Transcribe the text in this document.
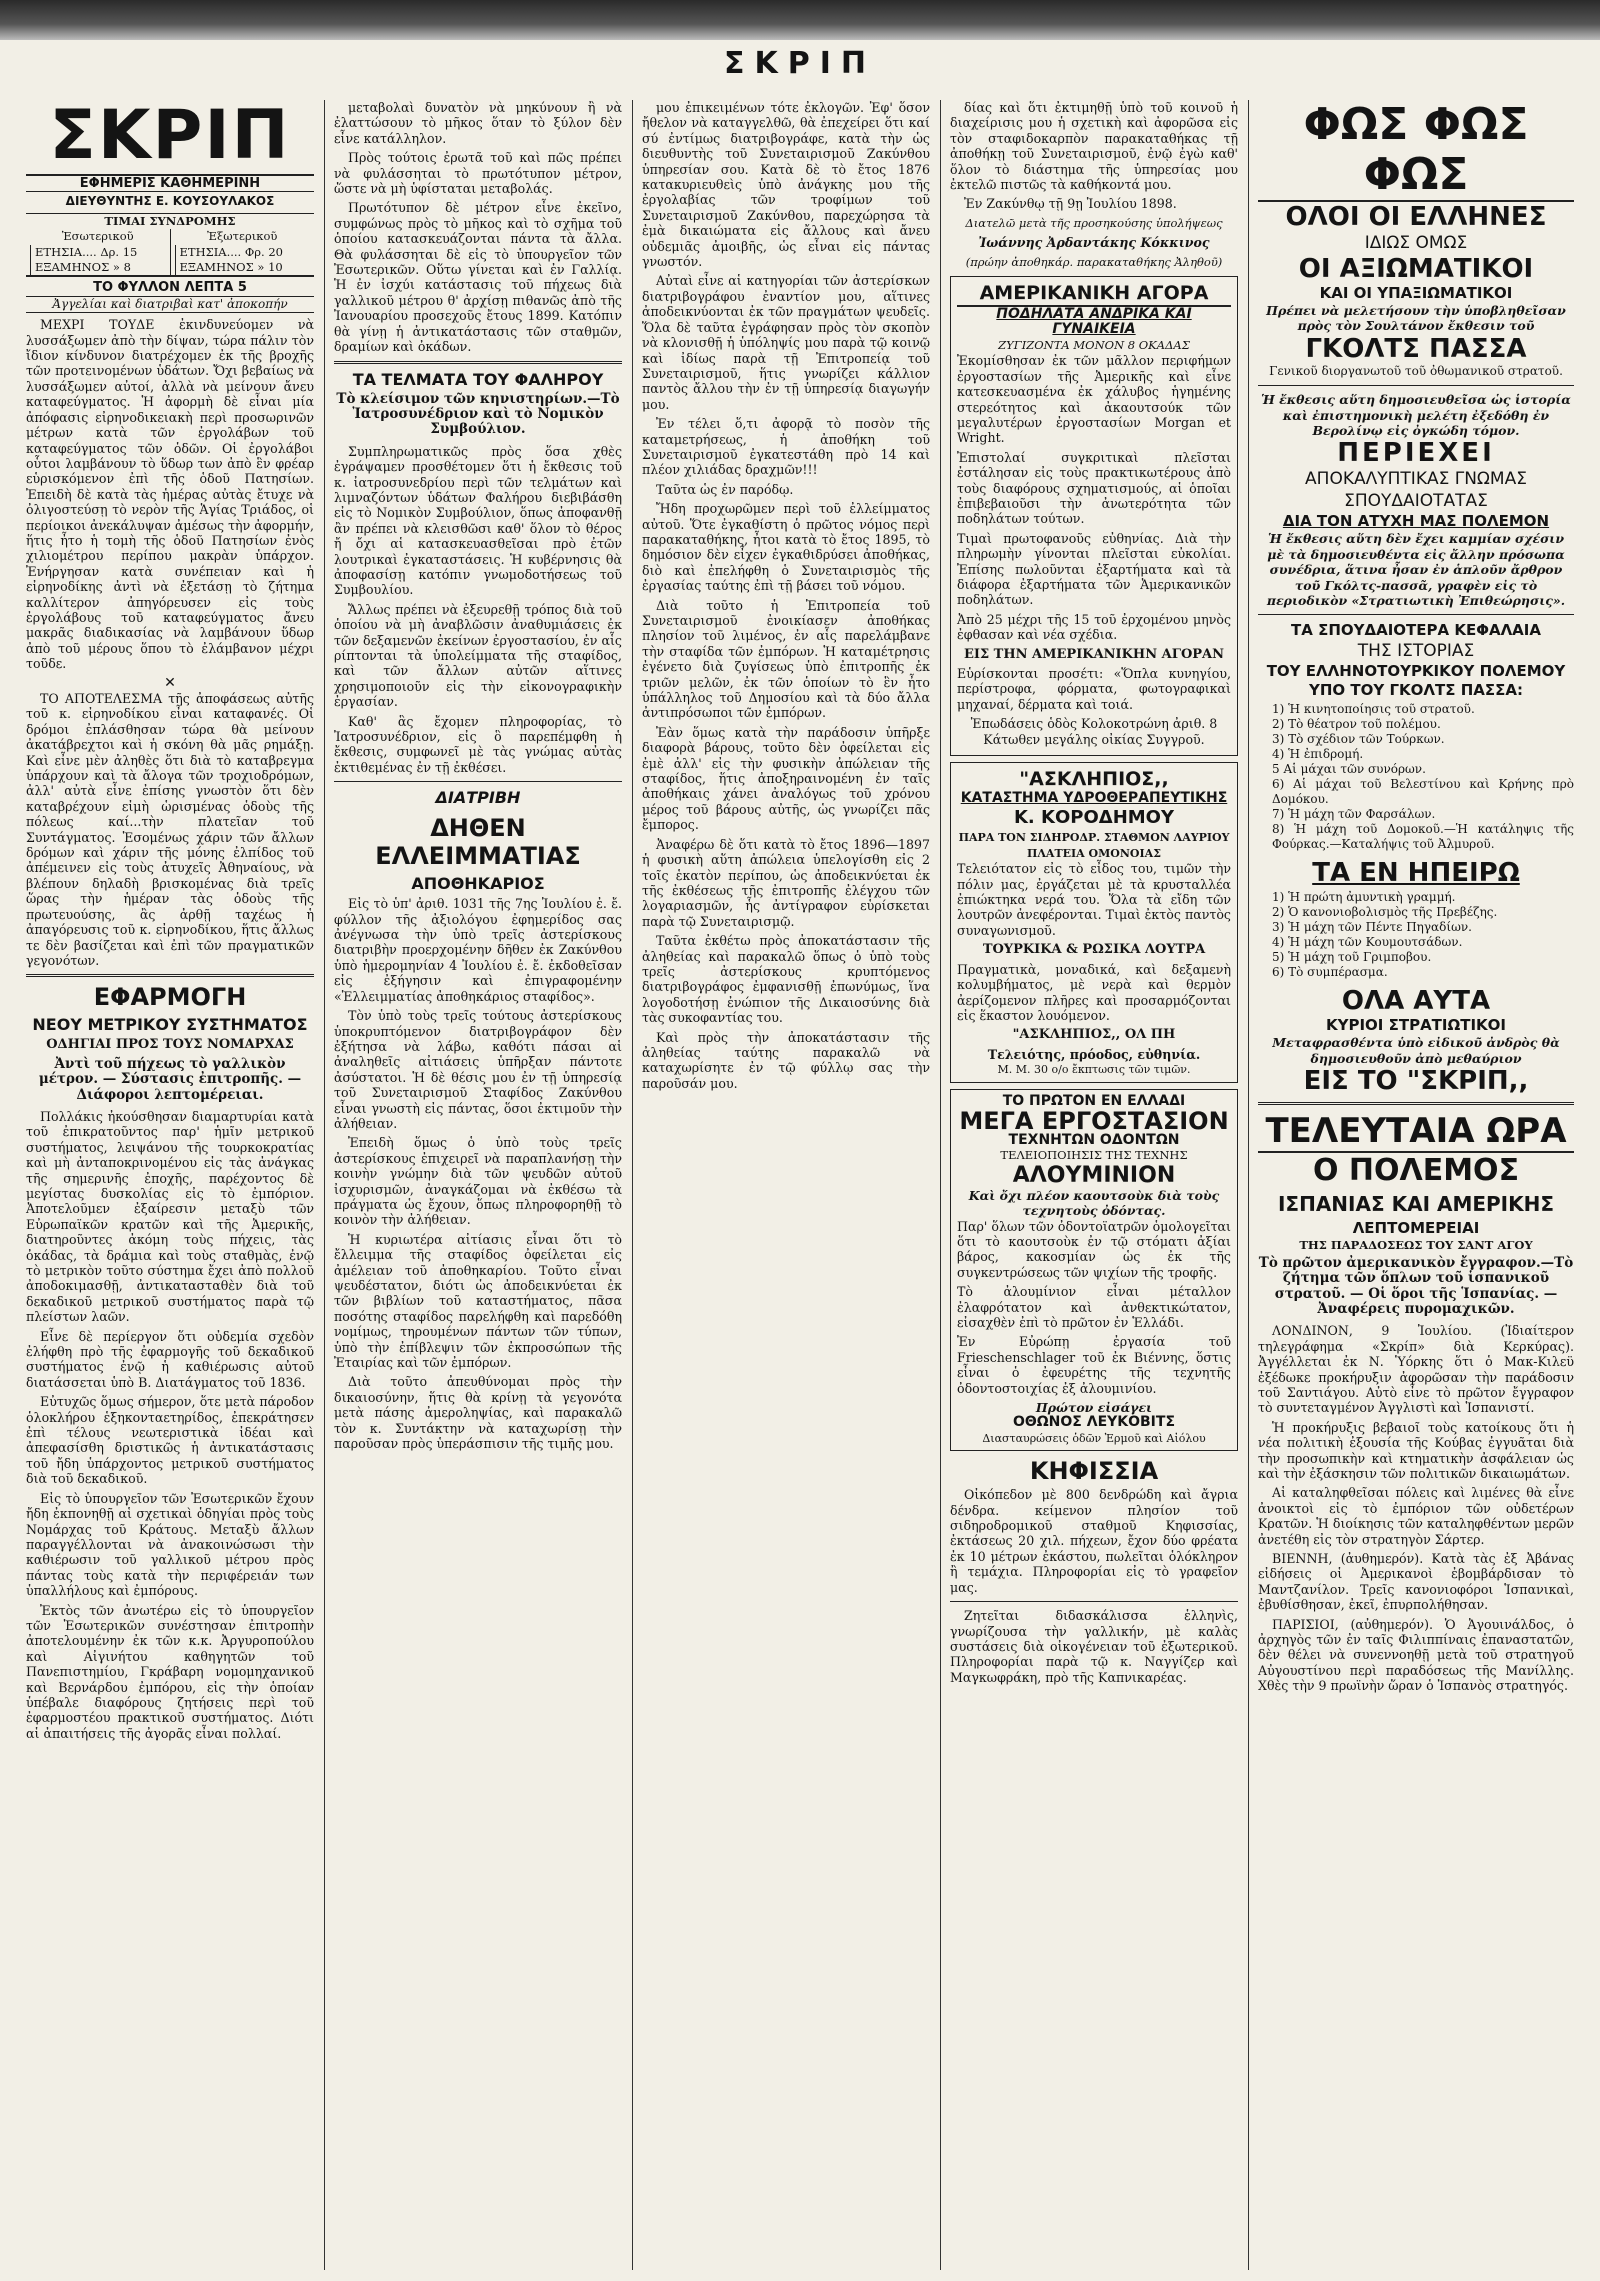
ΣΚΡΙΠ
ΣΚΡΙΠ
ΕΦΗΜΕΡΙΣ ΚΑΘΗΜΕΡΙΝΗ
ΔΙΕΥΘΥΝΤΗΣ Ε. ΚΟΥΣΟΥΛΑΚΟΣ
ΤΙΜΑΙ ΣΥΝΔΡΟΜΗΣ
Ἐσωτερικοῦ
ΕΤΗΣΙΑ.... Δρ. 15
ΕΞΑΜΗΝΟΣ » 8
Ἐξωτερικοῦ
ΕΤΗΣΙΑ.... Φρ. 20
ΕΞΑΜΗΝΟΣ » 10
ΤΟ ΦΥΛΛΟΝ ΛΕΠΤΑ 5
Ἀγγελίαι καὶ διατριβαὶ κατ' ἀποκοπήν

ΜΕΧΡΙ ΤΟΥΔΕ ἐκινδυνεύομεν νὰ λυσσάξωμεν ἀπὸ τὴν δίψαν, τώρα πάλιν τὸν ἴδιον κίνδυνον διατρέχομεν ἐκ τῆς βροχῆς τῶν προτεινομένων ὑδάτων. Ὄχι βεβαίως νὰ λυσσάξωμεν αὐτοί, ἀλλὰ νὰ μείνουν ἄνευ καταφεύγματος. Ἡ ἀφορμὴ δὲ εἶναι μία ἀπόφασις εἰρηνοδικειακὴ περὶ προσωρινῶν μέτρων κατὰ τῶν ἐργολάβων τοῦ καταφεύγματος τῶν ὁδῶν. Οἱ ἐργολάβοι οὗτοι λαμβάνουν τὸ ὕδωρ των ἀπὸ ἓν φρέαρ εὑρισκόμενον ἐπὶ τῆς ὁδοῦ Πατησίων. Ἐπειδὴ δὲ κατὰ τὰς ἡμέρας αὐτὰς ἔτυχε νὰ ὀλιγοστεύσῃ τὸ νερὸν τῆς Ἁγίας Τριάδος, οἱ περίοικοι ἀνεκάλυψαν ἀμέσως τὴν ἀφορμήν, ἥτις ἦτο ἡ τομὴ τῆς ὁδοῦ Πατησίων ἐνὸς χιλιομέτρου περίπου μακρὰν ὑπάρχον. Ἐνήργησαν κατὰ συνέπειαν καὶ ἡ εἰρηνοδίκης ἀντὶ νὰ ἐξετάσῃ τὸ ζήτημα καλλίτερον ἀπηγόρευσεν εἰς τοὺς ἐργολάβους τοῦ καταφεύγματος ἄνευ μακρᾶς διαδικασίας νὰ λαμβάνουν ὕδωρ ἀπὸ τοῦ μέρους ὅπου τὸ ἐλάμβανον μέχρι τοῦδε.

✕

ΤΟ ΑΠΟΤΕΛΕΣΜΑ τῆς ἀποφάσεως αὐτῆς τοῦ κ. εἰρηνοδίκου εἶναι καταφανές. Οἱ δρόμοι ἐπλάσθησαν τώρα θὰ μείνουν ἀκατάβρεχτοι καὶ ἡ σκόνη θὰ μᾶς ρημάξῃ. Καὶ εἶνε μὲν ἀληθὲς ὅτι διὰ τὸ καταβρεγμα ὑπάρχουν καὶ τὰ ἄλογα τῶν τροχιοδρόμων, ἀλλ' αὐτὰ εἶνε ἐπίσης γνωστὸν ὅτι δὲν καταβρέχουν εἰμὴ ὡρισμένας ὁδοὺς τῆς πόλεως καί...τὴν πλατεῖαν τοῦ Συντάγματος. Ἐσομένως χάριν τῶν ἄλλων δρόμων καὶ χάριν τῆς μόνης ἐλπίδος τοῦ ἀπέμεινεν εἰς τοὺς ἀτυχεῖς Ἀθηναίους, νὰ βλέπουν δηλαδὴ βρισκομένας διὰ τρεῖς ὥρας τὴν ἡμέραν τὰς ὁδοὺς τῆς πρωτευούσης, ἂς ἀρθῇ ταχέως ἡ ἀπαγόρευσις τοῦ κ. εἰρηνοδίκου, ἥτις ἄλλως τε δὲν βασίζεται καὶ ἐπὶ τῶν πραγματικῶν γεγονότων.

ΕΦΑΡΜΟΓΗ
ΝΕΟΥ ΜΕΤΡΙΚΟΥ ΣΥΣΤΗΜΑΤΟΣ
ΟΔΗΓΙΑΙ ΠΡΟΣ ΤΟΥΣ ΝΟΜΑΡΧΑΣ
Ἀντὶ τοῦ πήχεως τὸ γαλλικὸν μέτρον. — Σύστασις ἐπιτροπῆς. — Διάφοροι λεπτομέρειαι.

Πολλάκις ἠκούσθησαν διαμαρτυρίαι κατὰ τοῦ ἐπικρατοῦντος παρ' ἡμῖν μετρικοῦ συστήματος, λειψάνου τῆς τουρκοκρατίας καὶ μὴ ἀνταποκρινομένου εἰς τὰς ἀνάγκας τῆς σημερινῆς ἐποχῆς, παρέχοντος δὲ μεγίστας δυσκολίας εἰς τὸ ἐμπόριον. Ἀποτελοῦμεν ἐξαίρεσιν μεταξὺ τῶν Εὐρωπαϊκῶν κρατῶν καὶ τῆς Ἀμερικῆς, διατηροῦντες ἀκόμη τοὺς πήχεις, τὰς ὀκάδας, τὰ δράμια καὶ τοὺς σταθμὰς, ἐνῷ τὸ μετρικὸν τοῦτο σύστημα ἔχει ἀπὸ πολλοῦ ἀποδοκιμασθῇ, ἀντικατασταθὲν διὰ τοῦ δεκαδικοῦ μετρικοῦ συστήματος παρὰ τῷ πλείστων λαῶν.

Εἶνε δὲ περίεργον ὅτι οὐδεμία σχεδὸν ἐλήφθη πρὸ τῆς ἐφαρμογῆς τοῦ δεκαδικοῦ συστήματος ἐνῷ ἡ καθιέρωσις αὐτοῦ διατάσσεται ὑπὸ Β. Διατάγματος τοῦ 1836.

Εὐτυχῶς ὅμως σήμερον, ὅτε μετὰ πάροδον ὁλοκλήρου ἑξηκονταετηρίδος, ἐπεκράτησεν ἐπὶ τέλους νεωτεριστικὰ ἰδέαι καὶ ἀπεφασίσθη δριστικῶς ἡ ἀντικατάστασις τοῦ ἤδη ὑπάρχοντος μετρικοῦ συστήματος διὰ τοῦ δεκαδικοῦ.

Εἰς τὸ ὑπουργεῖον τῶν Ἐσωτερικῶν ἔχουν ἤδη ἐκπονηθῇ αἱ σχετικαὶ ὁδηγίαι πρὸς τοὺς Νομάρχας τοῦ Κράτους. Μεταξὺ ἄλλων παραγγέλλονται νὰ ἀνακοινώσωσι τὴν καθιέρωσιν τοῦ γαλλικοῦ μέτρου πρὸς πάντας τοὺς κατὰ τὴν περιφέρειάν των ὑπαλλήλους καὶ ἐμπόρους.

Ἐκτὸς τῶν ἀνωτέρω εἰς τὸ ὑπουργεῖον τῶν Ἐσωτερικῶν συνέστησαν ἐπιτροπὴν ἀποτελουμένην ἐκ τῶν κ.κ. Ἀργυροπούλου καὶ Αἰγινήτου καθηγητῶν τοῦ Πανεπιστημίου, Γκράβαρη νομομηχανικοῦ καὶ Βερνάρδου ἐμπόρου, εἰς τὴν ὁποίαν ὑπέβαλε διαφόρους ζητήσεις περὶ τοῦ ἐφαρμοστέου πρακτικοῦ συστήματος. Διότι αἱ ἀπαιτήσεις τῆς ἀγορᾶς εἶναι πολλαί.

μεταβολαὶ δυνατὸν νὰ μηκύνουν ἢ νὰ ἐλαττώσουν τὸ μῆκος ὅταν τὸ ξύλον δὲν εἶνε κατάλληλον.

Πρὸς τούτοις ἐρωτᾶ τοῦ καὶ πῶς πρέπει νὰ φυλάσσηται τὸ πρωτότυπον μέτρον, ὥστε νὰ μὴ ὑφίσταται μεταβολάς.

Πρωτότυπον δὲ μέτρον εἶνε ἐκεῖνο, συμφώνως πρὸς τὸ μῆκος καὶ τὸ σχῆμα τοῦ ὁποίου κατασκευάζονται πάντα τὰ ἄλλα. Θὰ φυλάσσηται δὲ εἰς τὸ ὑπουργεῖον τῶν Ἐσωτερικῶν. Οὕτω γίνεται καὶ ἐν Γαλλίᾳ. Ἡ ἐν ἰσχύι κατάστασις τοῦ πήχεως διὰ γαλλικοῦ μέτρου θ' ἀρχίσῃ πιθανῶς ἀπὸ τῆς Ἰανουαρίου προσεχοῦς ἔτους 1899. Κατόπιν θὰ γίνῃ ἡ ἀντικατάστασις τῶν σταθμῶν, δραμίων καὶ ὀκάδων.

ΤΑ ΤΕΛΜΑΤΑ ΤΟΥ ΦΑΛΗΡΟΥ
Τὸ κλείσιμον τῶν κηνιστηρίων.—Τὸ Ἰατροσυνέδριον καὶ τὸ Νομικὸν Συμβούλιον.

Συμπληρωματικῶς πρὸς ὅσα χθὲς ἐγράψαμεν προσθέτομεν ὅτι ἡ ἔκθεσις τοῦ κ. ἰατροσυνεδρίου περὶ τῶν τελμάτων καὶ λιμναζόντων ὑδάτων Φαλήρου διεβιβάσθη εἰς τὸ Νομικὸν Συμβούλιον, ὅπως ἀποφανθῇ ἂν πρέπει νὰ κλεισθῶσι καθ' ὅλον τὸ θέρος ἤ ὄχι αἱ κατασκευασθεῖσαι πρὸ ἐτῶν λουτρικαὶ ἐγκαταστάσεις. Ἡ κυβέρνησις θὰ ἀποφασίσῃ κατόπιν γνωμοδοτήσεως τοῦ Συμβουλίου.

Ἄλλως πρέπει νὰ ἐξευρεθῇ τρόπος διὰ τοῦ ὁποίου νὰ μὴ ἀναβλῶσιν ἀναθυμιάσεις ἐκ τῶν δεξαμενῶν ἐκείνων ἐργοστασίου, ἐν αἷς ρίπτονται τὰ ὑπολείμματα τῆς σταφίδος, καὶ τῶν ἄλλων αὐτῶν αἵτινες χρησιμοποιοῦν εἰς τὴν εἰκονογραφικὴν ἐργασίαν.

Καθ' ἃς ἔχομεν πληροφορίας, τὸ Ἰατροσυνέδριον, εἰς ὃ παρεπέμφθη ἡ ἔκθεσις, συμφωνεῖ μὲ τὰς γνώμας αὐτὰς ἐκτιθεμένας ἐν τῇ ἐκθέσει.

ΔΙΑΤΡΙΒΗ
ΔΗΘΕΝ ΕΛΛΕΙΜΜΑΤΙΑΣ
ΑΠΟΘΗΚΑΡΙΟΣ

Εἰς τὸ ὑπ' ἀριθ. 1031 τῆς 7ης Ἰουλίου ἐ. ἔ. φύλλον τῆς ἀξιολόγου ἐφημερίδος σας ἀνέγνωσα τὴν ὑπὸ τρεῖς ἀστερίσκους διατριβὴν προερχομένην δῆθεν ἐκ Ζακύνθου ὑπὸ ἡμερομηνίαν 4 Ἰουλίου ἐ. ἔ. ἐκδοθεῖσαν εἰς ἐξήγησιν καὶ ἐπιγραφομένην «Ἐλλειμματίας ἀποθηκάριος σταφίδος».

Τὸν ὑπὸ τοὺς τρεῖς τούτους ἀστερίσκους ὑποκρυπτόμενον διατριβογράφον δὲν ἐξήτησα νὰ λάβω, καθότι πάσαι αἱ ἀναληθεῖς αἰτιάσεις ὑπῆρξαν πάντοτε ἀσύστατοι. Ἡ δὲ θέσις μου ἐν τῇ ὑπηρεσίᾳ τοῦ Συνεταιρισμοῦ Σταφίδος Ζακύνθου εἶναι γνωστὴ εἰς πάντας, ὅσοι ἐκτιμοῦν τὴν ἀλήθειαν.

Ἐπειδὴ ὅμως ὁ ὑπὸ τοὺς τρεῖς ἀστερίσκους ἐπιχειρεῖ νὰ παραπλανήσῃ τὴν κοινὴν γνώμην διὰ τῶν ψευδῶν αὐτοῦ ἰσχυρισμῶν, ἀναγκάζομαι νὰ ἐκθέσω τὰ πράγματα ὡς ἔχουν, ὅπως πληροφορηθῇ τὸ κοινὸν τὴν ἀλήθειαν.

Ἡ κυριωτέρα αἰτίασις εἶναι ὅτι τὸ ἔλλειμμα τῆς σταφίδος ὀφείλεται εἰς ἀμέλειαν τοῦ ἀποθηκαρίου. Τοῦτο εἶναι ψευδέστατον, διότι ὡς ἀποδεικνύεται ἐκ τῶν βιβλίων τοῦ καταστήματος, πᾶσα ποσότης σταφίδος παρελήφθη καὶ παρεδόθη νομίμως, τηρουμένων πάντων τῶν τύπων, ὑπὸ τὴν ἐπίβλεψιν τῶν ἐκπροσώπων τῆς Ἐταιρίας καὶ τῶν ἐμπόρων.

Διὰ τοῦτο ἀπευθύνομαι πρὸς τὴν δικαιοσύνην, ἥτις θὰ κρίνῃ τὰ γεγονότα μετὰ πάσης ἀμεροληψίας, καὶ παρακαλῶ τὸν κ. Συντάκτην νὰ καταχωρίσῃ τὴν παροῦσαν πρὸς ὑπεράσπισιν τῆς τιμῆς μου.

μου ἐπικειμένων τότε ἐκλογῶν. Ἐφ' ὅσον ἤθελον νὰ καταγγελθῶ, θὰ ἐπεχείρει ὅτι καί σύ ἐντίμως διατριβογράφε, κατὰ τὴν ὡς διευθυντὴς τοῦ Συνεταιρισμοῦ Ζακύνθου ὑπηρεσίαν σου. Κατὰ δὲ τὸ ἔτος 1876 κατακυριευθεὶς ὑπὸ ἀνάγκης μου τῆς ἐργολαβίας τῶν τροφίμων τοῦ Συνεταιρισμοῦ Ζακύνθου, παρεχώρησα τὰ ἐμὰ δικαιώματα εἰς ἄλλους καὶ ἄνευ οὐδεμιᾶς ἀμοιβῆς, ὡς εἶναι εἰς πάντας γνωστόν.

Αὐταὶ εἶνε αἱ κατηγορίαι τῶν ἀστερίσκων διατριβογράφου ἐναντίον μου, αἵτινες ἀποδεικνύονται ἐκ τῶν πραγμάτων ψευδεῖς. Ὅλα δὲ ταῦτα ἐγράφησαν πρὸς τὸν σκοπὸν νὰ κλονισθῇ ἡ ὑπόληψίς μου παρὰ τῷ κοινῷ καὶ ἰδίως παρὰ τῇ Ἐπιτροπείᾳ τοῦ Συνεταιρισμοῦ, ἥτις γνωρίζει κάλλιον παντὸς ἄλλου τὴν ἐν τῇ ὑπηρεσίᾳ διαγωγήν μου.

Ἐν τέλει ὅ,τι ἀφορᾷ τὸ ποσὸν τῆς καταμετρήσεως, ἡ ἀποθήκη τοῦ Συνεταιρισμοῦ ἐγκατεστάθη πρὸ 14 καὶ πλέον χιλιάδας δραχμῶν!!!

Ταῦτα ὡς ἐν παρόδῳ.

Ἤδη προχωρῶμεν περὶ τοῦ ἐλλείμματος αὐτοῦ. Ὅτε ἐγκαθίστη ὁ πρῶτος νόμος περὶ παρακαταθήκης, ἦτοι κατὰ τὸ ἔτος 1895, τὸ δημόσιον δὲν εἶχεν ἐγκαθιδρύσει ἀποθήκας, διὸ καὶ ἐπελήφθη ὁ Συνεταιρισμὸς τῆς ἐργασίας ταύτης ἐπὶ τῇ βάσει τοῦ νόμου.

Διὰ τοῦτο ἡ Ἐπιτροπεία τοῦ Συνεταιρισμοῦ ἐνοικίασεν ἀποθήκας πλησίον τοῦ λιμένος, ἐν αἷς παρελάμβανε τὴν σταφίδα τῶν ἐμπόρων. Ἡ καταμέτρησις ἐγένετο διὰ ζυγίσεως ὑπὸ ἐπιτροπῆς ἐκ τριῶν μελῶν, ἐκ τῶν ὁποίων τὸ ἓν ἦτο ὑπάλληλος τοῦ Δημοσίου καὶ τὰ δύο ἄλλα ἀντιπρόσωποι τῶν ἐμπόρων.

Ἐὰν ὅμως κατὰ τὴν παράδοσιν ὑπῆρξε διαφορὰ βάρους, τοῦτο δὲν ὀφείλεται εἰς ἐμὲ ἀλλ' εἰς τὴν φυσικὴν ἀπώλειαν τῆς σταφίδος, ἥτις ἀποξηραινομένη ἐν ταῖς ἀποθήκαις χάνει ἀναλόγως τοῦ χρόνου μέρος τοῦ βάρους αὐτῆς, ὡς γνωρίζει πᾶς ἔμπορος.

Ἀναφέρω δὲ ὅτι κατὰ τὸ ἔτος 1896—1897 ἡ φυσικὴ αὕτη ἀπώλεια ὑπελογίσθη εἰς 2 τοῖς ἑκατὸν περίπου, ὡς ἀποδεικνύεται ἐκ τῆς ἐκθέσεως τῆς ἐπιτροπῆς ἐλέγχου τῶν λογαριασμῶν, ἧς ἀντίγραφον εὑρίσκεται παρὰ τῷ Συνεταιρισμῷ.

Ταῦτα ἐκθέτω πρὸς ἀποκατάστασιν τῆς ἀληθείας καὶ παρακαλῶ ὅπως ὁ ὑπὸ τοὺς τρεῖς ἀστερίσκους κρυπτόμενος διατριβογράφος ἐμφανισθῇ ἐπωνύμως, ἵνα λογοδοτήσῃ ἐνώπιον τῆς Δικαιοσύνης διὰ τὰς συκοφαντίας του.

Καὶ πρὸς τὴν ἀποκατάστασιν τῆς ἀληθείας ταύτης παρακαλῶ νὰ καταχωρίσητε ἐν τῷ φύλλῳ σας τὴν παροῦσάν μου.

δίας καὶ ὅτι ἐκτιμηθῇ ὑπὸ τοῦ κοινοῦ ἡ διαχείρισις μου ἡ σχετικὴ καὶ ἀφορῶσα εἰς τὸν σταφιδοκαρπὸν παρακαταθήκας τῇ ἀποθήκῃ τοῦ Συνεταιρισμοῦ, ἐνῷ ἐγὼ καθ' ὅλον τὸ διάστημα τῆς ὑπηρεσίας μου ἐκτελῶ πιστῶς τὰ καθήκοντά μου.

Ἐν Ζακύνθῳ τῇ 9ῃ Ἰουλίου 1898.

Διατελῶ μετὰ τῆς προσηκούσης ὑπολήψεως

Ἰωάννης Ἀρδαντάκης Κόκκινος

(πρώην ἀποθηκάρ. παρακαταθήκης Ἀληθοῦ)

ΑΜΕΡΙΚΑΝΙΚΗ ΑΓΟΡΑ
ΠΟΔΗΛΑΤΑ ΑΝΔΡΙΚΑ ΚΑΙ ΓΥΝΑΙΚΕΙΑ
ΖΥΓΙΖΟΝΤΑ ΜΟΝΟΝ 8 ΟΚΑΔΑΣ

Ἐκομίσθησαν ἐκ τῶν μᾶλλον περιφήμων ἐργοστασίων τῆς Ἀμερικῆς καὶ εἶνε κατεσκευασμένα ἐκ χάλυβος ἡγημένης στερεότητος καὶ ἀκαουτσούκ τῶν μεγαλυτέρων ἐργοστασίων Morgan et Wright.

Ἐπιστολαί συγκριτικαὶ πλεῖσται ἐστάλησαν εἰς τοὺς πρακτικωτέρους ἀπὸ τοὺς διαφόρους σχηματισμούς, αἱ ὁποῖαι ἐπιβεβαιοῦσι τὴν ἀνωτερότητα τῶν ποδηλάτων τούτων.

Τιμαὶ πρωτοφανοῦς εὐθηνίας. Διὰ τὴν πληρωμὴν γίνονται πλεῖσται εὐκολίαι. Ἐπίσης πωλοῦνται ἐξαρτήματα καὶ τὰ διάφορα ἐξαρτήματα τῶν Ἀμερικανικῶν ποδηλάτων.

Ἀπὸ 25 μέχρι τῆς 15 τοῦ ἐρχομένου μηνὸς ἐφθασαν καὶ νέα σχέδια.

ΕΙΣ ΤΗΝ ΑΜΕΡΙΚΑΝΙΚΗΝ ΑΓΟΡΑΝ

Εὑρίσκονται προσέτι: «Ὅπλα κυνηγίου, περίστροφα, φόρματα, φωτογραφικαὶ μηχαναί, δέρματα καὶ τοιά.

Ἐπωδάσεις ὁδὸς Κολοκοτρώνη ἀριθ. 8 Κάτωθεν μεγάλης οἰκίας Συγγροῦ.

"ΑΣΚΛΗΠΙΟΣ,,
ΚΑΤΑΣΤΗΜΑ ΥΔΡΟΘΕΡΑΠΕΥΤΙΚΗΣ
Κ. ΚΟΡΟΔΗΜΟΥ
ΠΑΡΑ ΤΟΝ ΣΙΔΗΡΟΔΡ. ΣΤΑΘΜΟΝ ΛΑΥΡΙΟΥ
ΠΛΑΤΕΙΑ ΟΜΟΝΟΙΑΣ

Τελειότατον εἰς τὸ εἶδος του, τιμῶν τὴν πόλιν μας, ἐργάζεται μὲ τὰ κρυσταλλέα ἐπιώκτηκα νερά του. Ὅλα τὰ εἴδη τῶν λουτρῶν ἀνεφέρονται. Τιμαὶ ἐκτὸς παντὸς συναγωνισμοῦ.

ΤΟΥΡΚΙΚΑ & ΡΩΣΙΚΑ ΛΟΥΤΡΑ

Πραγματικὰ, μοναδικά, καὶ δεξαμενὴ κολυμβήματος, μὲ νερὰ καὶ θερμὸν ἀερίζομενον πλῆρες καὶ προσαρμόζονται εἰς ἕκαστον λουόμενον.

"ΑΣΚΛΗΠΙΟΣ,, ΟΛ ΠΗ
Τελειότης, πρόοδος, εὐθηνία.
Μ. Μ. 30 ο/ο ἔκπτωσις τῶν τιμῶν.
ΤΟ ΠΡΩΤΟΝ ΕΝ ΕΛΛΑΔΙ
ΜΕΓΑ ΕΡΓΟΣΤΑΣΙΟΝ
ΤΕΧΝΗΤΩΝ ΟΔΟΝΤΩΝ
ΤΕΛΕΙΟΠΟΙΗΣΙΣ ΤΗΣ ΤΕΧΝΗΣ
ΑΛΟΥΜΙΝΙΟΝ
Καὶ ὄχι πλέον καουτσοὺκ διὰ τοὺς τεχνητοὺς ὀδόντας.

Παρ' ὅλων τῶν ὀδοντοϊατρῶν ὁμολογεῖται ὅτι τὸ καουτσοὺκ ἐν τῷ στόματι ἀξίαι βάρος, κακοσμίαν ὡς ἐκ τῆς συγκεντρώσεως τῶν ψιχίων τῆς τροφῆς.

Τὸ ἀλουμίνιον εἶναι μέταλλον ἐλαφρότατον καὶ ἀνθεκτικώτατον, εἰσαχθὲν ἐπὶ τὸ πρῶτον ἐν Ἑλλάδι.

Ἐν Εὐρώπῃ ἐργασία τοῦ Frieschenschlager τοῦ ἐκ Βιέννης, ὅστις εἶναι ὁ ἐφευρέτης τῆς τεχνητῆς ὀδοντοστοιχίας ἐξ ἀλουμινίου.

Πρώτον εἰσάγει
ΟΘΩΝΟΣ ΛΕΥΚΟΒΙΤΣ
Διασταυρώσεις ὁδῶν Ἑρμοῦ καὶ Αἰόλου
ΚΗΦΙΣΣΙΑ

Οἰκόπεδον μὲ 800 δενδρώδη καὶ ἄγρια δένδρα. κείμενον πλησίον τοῦ σιδηροδρομικοῦ σταθμοῦ Κηφισσίας, ἐκτάσεως 20 χιλ. πήχεων, ἔχον δύο φρέατα ἐκ 10 μέτρων ἐκάστου, πωλεῖται ὁλόκληρον ἢ τεμάχια. Πληροφορίαι εἰς τὸ γραφεῖον μας.

Ζητεῖται διδασκάλισσα ἑλληνὶς, γνωρίζουσα τὴν γαλλικήν, μὲ καλὰς συστάσεις διὰ οἰκογένειαν τοῦ ἐξωτερικοῦ. Πληροφορίαι παρὰ τῷ κ. Ναγγίζερ καὶ Μαγκωφράκη, πρὸ τῆς Καπνικαρέας.

ΦΩΣ ΦΩΣ ΦΩΣ
ΟΛΟΙ ΟΙ ΕΛΛΗΝΕΣ
ΙΔΙΩΣ ΟΜΩΣ
ΟΙ ΑΞΙΩΜΑΤΙΚΟΙ
ΚΑΙ ΟΙ ΥΠΑΞΙΩΜΑΤΙΚΟΙ
Πρέπει νὰ μελετήσουν τὴν ὑποβληθεῖσαν πρὸς τὸν Σουλτάνον ἔκθεσιν τοῦ
ΓΚΟΛΤΣ ΠΑΣΣΑ
Γενικοῦ διοργανωτοῦ τοῦ ὀθωμανικοῦ στρατοῦ.
Ἡ ἔκθεσις αὕτη δημοσιευθεῖσα ὡς ἱστορία καὶ ἐπιστημονικὴ μελέτη ἐξεδόθη ἐν Βερολίνῳ εἰς ὀγκώδη τόμον.
ΠΕΡΙΕΧΕΙ
ΑΠΟΚΑΛΥΠΤΙΚΑΣ ΓΝΩΜΑΣ
ΣΠΟΥΔΑΙΟΤΑΤΑΣ
ΔΙΑ ΤΟΝ ΑΤΥΧΗ ΜΑΣ ΠΟΛΕΜΟΝ
Ἡ ἔκθεσις αὕτη δὲν ἔχει καμμίαν σχέσιν μὲ τὰ δημοσιευθέντα εἰς ἄλλην πρόσωπα συνέδρια, ἅτινα ἦσαν ἐν ἁπλοῦν ἄρθρον τοῦ Γκόλτς-πασσᾶ, γραφὲν εἰς τὸ περιοδικὸν «Στρατιωτικὴ Ἐπιθεώρησις».
ΤΑ ΣΠΟΥΔΑΙΟΤΕΡΑ ΚΕΦΑΛΑΙΑ
ΤΗΣ ΙΣΤΟΡΙΑΣ
ΤΟΥ ΕΛΛΗΝΟΤΟΥΡΚΙΚΟΥ ΠΟΛΕΜΟΥ
ΥΠΟ ΤΟΥ ΓΚΟΛΤΣ ΠΑΣΣΑ:
1) Ἡ κινητοποίησις τοῦ στρατοῦ.
2) Τὸ θέατρον τοῦ πολέμου.
3) Τὸ σχέδιον τῶν Τούρκων.
4) Ἡ ἐπιδρομή.
5 Αἱ μάχαι τῶν συνόρων.
6) Αἱ μάχαι τοῦ Βελεστίνου καὶ Κρήνης πρὸ Δομόκου.
7) Ἡ μάχη τῶν Φαρσάλων.
8) Ἡ μάχη τοῦ Δομοκοῦ.—Ἡ κατάληψις τῆς Φούρκας.—Καταλήψις τοῦ Ἀλμυροῦ.
ΤΑ ΕΝ ΗΠΕΙΡΩ
1) Ἡ πρώτη ἀμυντικὴ γραμμή.
2) Ὁ κανονιοβολισμὸς τῆς Πρεβέζης.
3) Ἡ μάχη τῶν Πέντε Πηγαδίων.
4) Ἡ μάχη τῶν Κουμουτσάδων.
5) Ἡ μάχη τοῦ Γριμποβου.
6) Τὸ συμπέρασμα.
ΟΛΑ ΑΥΤΑ
ΚΥΡΙΟΙ ΣΤΡΑΤΙΩΤΙΚΟΙ
Μεταφρασθέντα ὑπὸ εἰδικοῦ ἀνδρὸς θὰ δημοσιευθοῦν ἀπὸ μεθαύριον
ΕΙΣ ΤΟ "ΣΚΡΙΠ,,
ΤΕΛΕΥΤΑΙΑ ΩΡΑ
Ο ΠΟΛΕΜΟΣ
ΙΣΠΑΝΙΑΣ ΚΑΙ ΑΜΕΡΙΚΗΣ
ΛΕΠΤΟΜΕΡΕΙΑΙ
ΤΗΣ ΠΑΡΑΔΟΣΕΩΣ ΤΟΥ ΣΑΝΤ ΑΓΟΥ
Τὸ πρῶτον ἀμερικανικὸν ἔγγραφον.—Τὸ ζήτημα τῶν ὅπλων τοῦ ἱσπανικοῦ στρατοῦ. — Οἱ ὅροι τῆς Ἱσπανίας. — Ἀναφέρεις πυρομαχικῶν.

ΛΟΝΔΙΝΟΝ, 9 Ἰουλίου. (Ἰδιαίτερον τηλεγράφημα «Σκρίπ» διὰ Κερκύρας). Ἀγγέλλεται ἐκ Ν. Ὑόρκης ὅτι ὁ Μακ-Κιλεϋ ἐξέδωκε προκήρυξιν ἀφορῶσαν τὴν παράδοσιν τοῦ Σαντιάγου. Αὐτὸ εἶνε τὸ πρῶτον ἔγγραφον τὸ συντεταγμένον Ἀγγλιστὶ καὶ Ἱσπανιστί.

Ἡ προκήρυξις βεβαιοῖ τοὺς κατοίκους ὅτι ἡ νέα πολιτικὴ ἐξουσία τῆς Κούβας ἐγγυᾶται διὰ τὴν προσωπικὴν καὶ κτηματικὴν ἀσφάλειαν ὡς καὶ τὴν ἐξάσκησιν τῶν πολιτικῶν δικαιωμάτων.

Αἱ καταληφθεῖσαι πόλεις καὶ λιμένες θὰ εἶνε ἀνοικτοὶ εἰς τὸ ἐμπόριον τῶν οὐδετέρων Κρατῶν. Ἡ διοίκησις τῶν καταληφθέντων μερῶν ἀνετέθη εἰς τὸν στρατηγὸν Σάρτερ.

ΒΙΕΝΝΗ, (ἀυθημερόν). Κατὰ τὰς ἐξ Ἀβάνας εἰδήσεις οἱ Ἀμερικανοὶ ἐβομβάρδισαν τὸ Μαντζανίλον. Τρεῖς κανονιοφόροι Ἱσπανικαὶ, ἐβυθίσθησαν, ἐκεῖ, ἐπυρπολήθησαν.

ΠΑΡΙΣΙΟΙ, (αὐθημερόν). Ὁ Ἀγουινάλδος, ὁ ἀρχηγὸς τῶν ἐν ταῖς Φιλιππίναις ἐπαναστατῶν, δὲν θέλει νὰ συνεννοηθῇ μετὰ τοῦ στρατηγοῦ Αὐγουστίνου περὶ παραδόσεως τῆς Μανίλλης. Χθὲς τὴν 9 πρωϊνὴν ὥραν ὁ Ἱσπανὸς στρατηγός.
